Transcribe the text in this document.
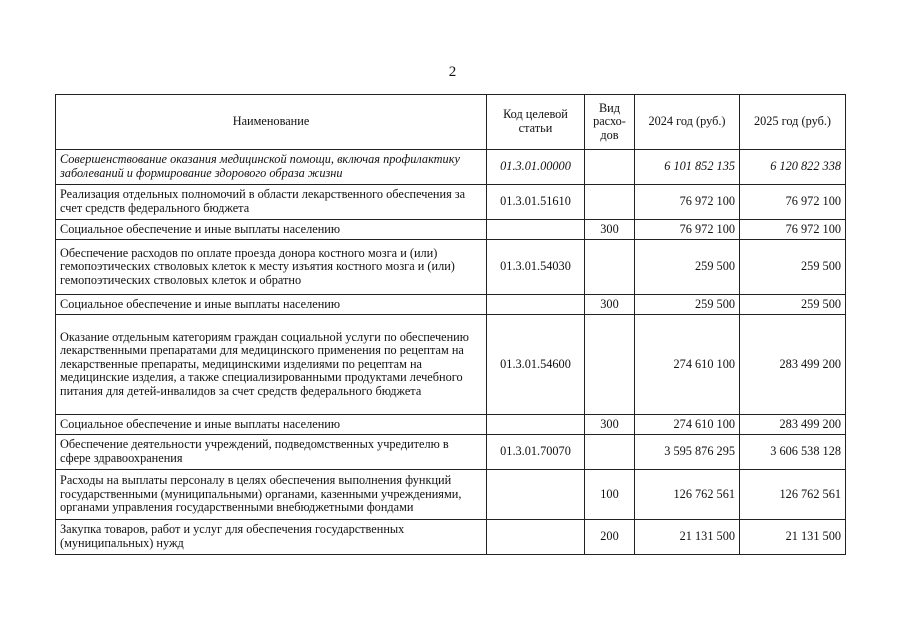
2
Наименование	Код целевой статьи	Вид расхо-дов	2024 год (руб.)	2025 год (руб.)
Совершенствование оказания медицинской помощи, включая профилактику заболеваний и формирование здорового образа жизни	01.3.01.00000		6 101 852 135	6 120 822 338
Реализация отдельных полномочий в области лекарственного обеспечения за счет средств федерального бюджета	01.3.01.51610		76 972 100	76 972 100
Социальное обеспечение и иные выплаты населению		300	76 972 100	76 972 100
Обеспечение расходов по оплате проезда донора костного мозга и (или) гемопоэтических стволовых клеток к месту изъятия костного мозга и (или) гемопоэтических стволовых клеток и обратно	01.3.01.54030		259 500	259 500
Социальное обеспечение и иные выплаты населению		300	259 500	259 500
Оказание отдельным категориям граждан социальной услуги по обеспечению лекарственными препаратами для медицинского применения по рецептам на лекарственные препараты, медицинскими изделиями по рецептам на медицинские изделия, а также специализированными продуктами лечебного питания для детей-инвалидов за счет средств федерального бюджета	01.3.01.54600		274 610 100	283 499 200
Социальное обеспечение и иные выплаты населению		300	274 610 100	283 499 200
Обеспечение деятельности учреждений, подведомственных учредителю в сфере здравоохранения	01.3.01.70070		3 595 876 295	3 606 538 128
Расходы на выплаты персоналу в целях обеспечения выполнения функций государственными (муниципальными) органами, казенными учреждениями, органами управления государственными внебюджетными фондами		100	126 762 561	126 762 561
Закупка товаров, работ и услуг для обеспечения государственных (муниципальных) нужд		200	21 131 500	21 131 500
